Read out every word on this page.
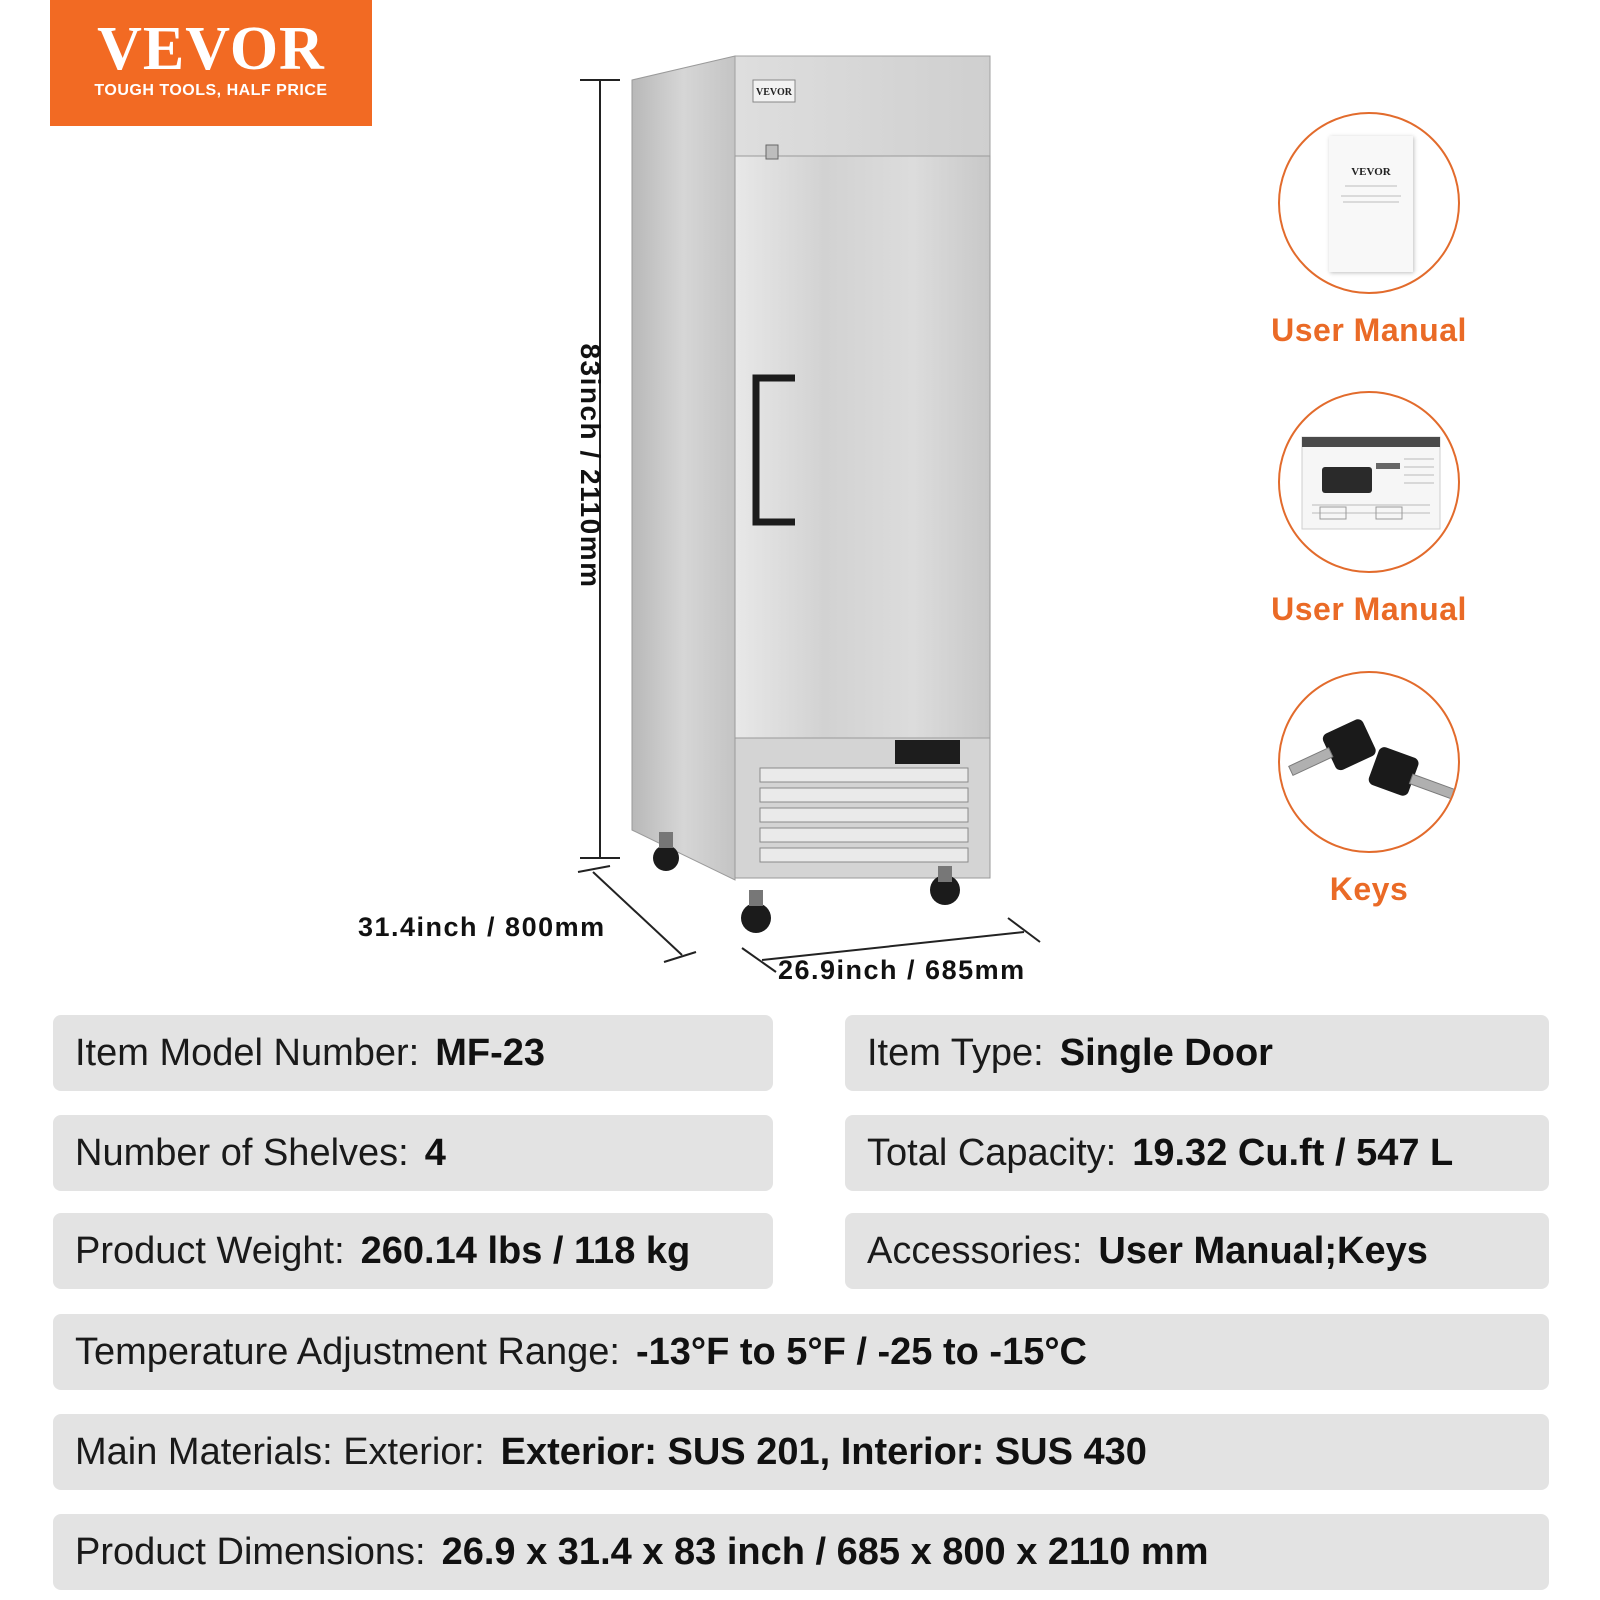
VEVOR
TOUGH TOOLS, HALF PRICE	VEVOR
83inch / 2110mm
31.4inch / 800mm
26.9inch / 685mm
VEVOR
User Manual
User Manual
Keys
Item Model Number: MF-23	Item Type: Single Door
Number of Shelves: 4	Total Capacity: 19.32 Cu.ft / 547 L
Product Weight: 260.14 lbs / 118 kg	Accessories: User Manual;Keys
Temperature Adjustment Range: -13°F to 5°F / -25 to -15°C
Main Materials: Exterior: Exterior: SUS 201, Interior: SUS 430
Product Dimensions: 26.9 x 31.4 x 83 inch / 685 x 800 x 2110 mm
